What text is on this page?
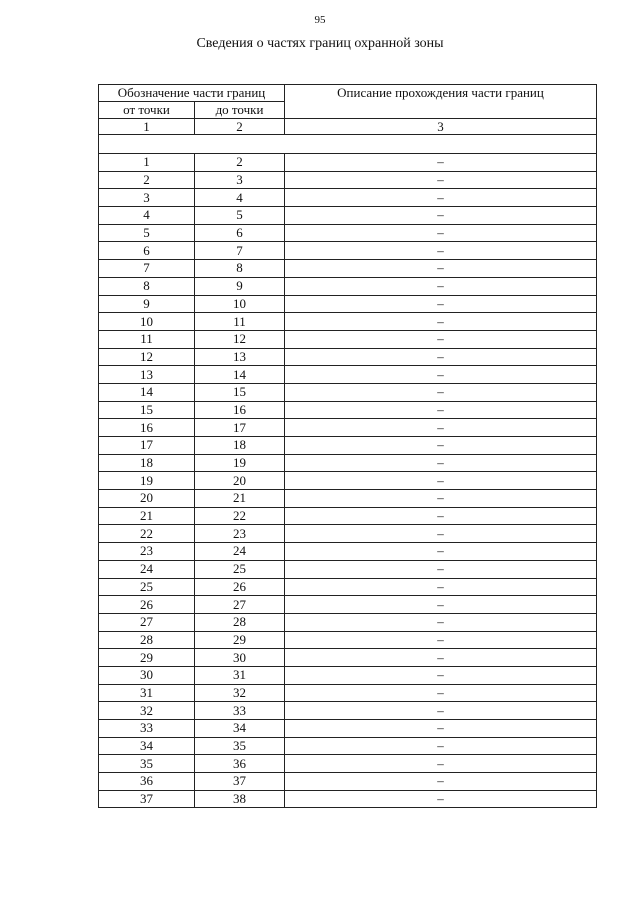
95
Сведения о частях границ охранной зоны
Обозначение части границ		Описание прохождения части границ
от точки	до точки	
1	2	3

1	2	–
2	3	–
3	4	–
4	5	–
5	6	–
6	7	–
7	8	–
8	9	–
9	10	–
10	11	–
11	12	–
12	13	–
13	14	–
14	15	–
15	16	–
16	17	–
17	18	–
18	19	–
19	20	–
20	21	–
21	22	–
22	23	–
23	24	–
24	25	–
25	26	–
26	27	–
27	28	–
28	29	–
29	30	–
30	31	–
31	32	–
32	33	–
33	34	–
34	35	–
35	36	–
36	37	–
37	38	–
